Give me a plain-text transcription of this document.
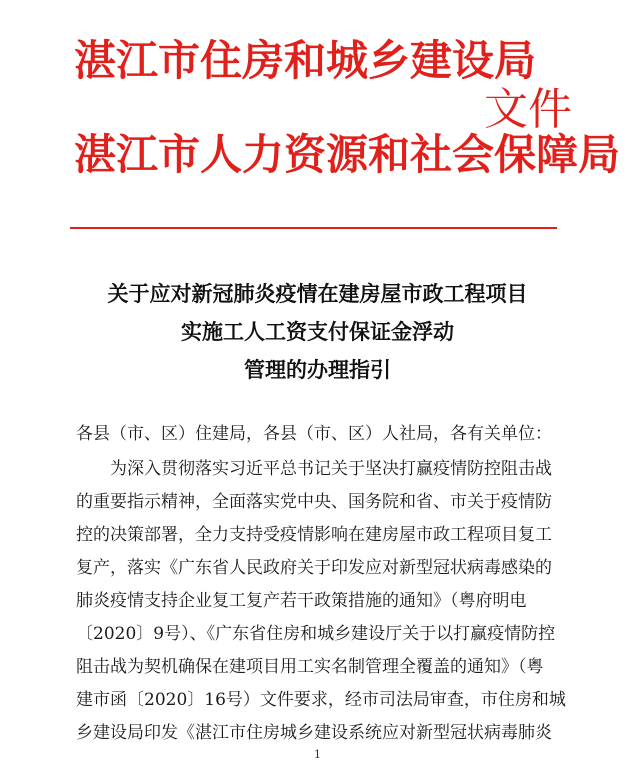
湛江市住房和城乡建设局
湛江市人力资源和社会保障局
文件
关于应对新冠肺炎疫情在建房屋市政工程项目
实施工人工资支付保证金浮动
管理的办理指引
各县（市、区）住建局，各县（市、区）人社局，各有关单位：
为深入贯彻落实习近平总书记关于坚决打赢疫情防控阻击战
的重要指示精神，全面落实党中央、国务院和省、市关于疫情防
控的决策部署，全力支持受疫情影响在建房屋市政工程项目复工
复产，落实《广东省人民政府关于印发应对新型冠状病毒感染的
肺炎疫情支持企业复工复产若干政策措施的通知》（粤府明电
〔2020〕9号）、《广东省住房和城乡建设厅关于以打赢疫情防控
阻击战为契机确保在建项目用工实名制管理全覆盖的通知》（粤
建市函〔2020〕16号）文件要求，经市司法局审查，市住房和城
乡建设局印发《湛江市住房城乡建设系统应对新型冠状病毒肺炎
1
